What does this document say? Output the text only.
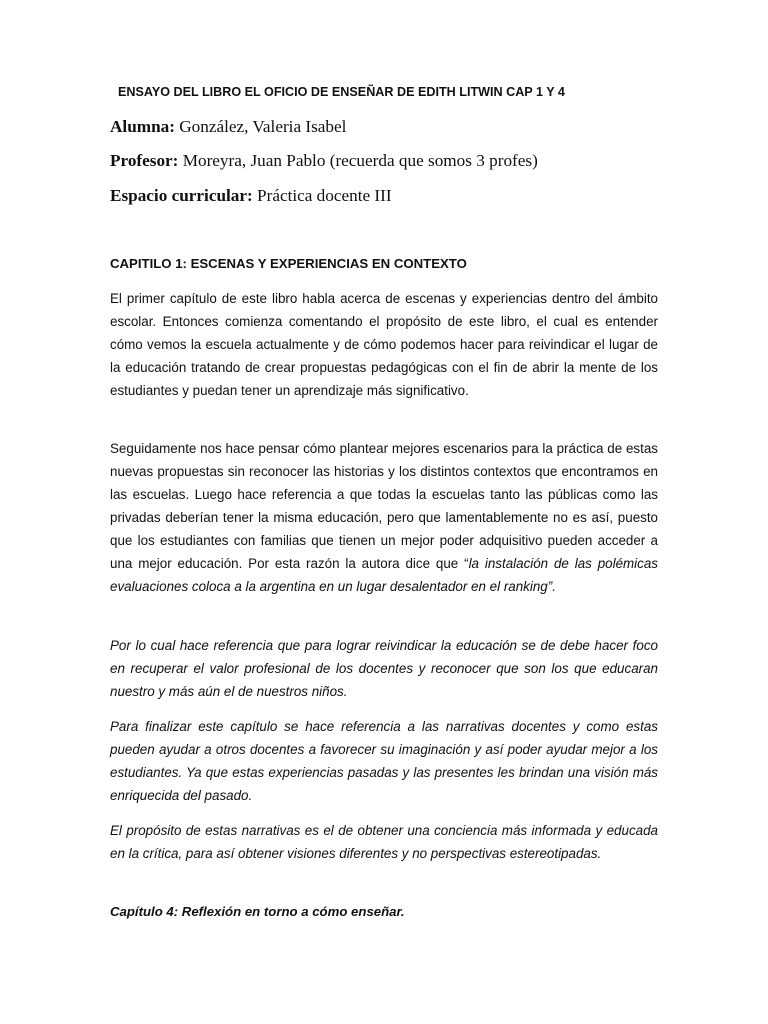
ENSAYO DEL LIBRO EL OFICIO DE ENSEÑAR DE EDITH LITWIN CAP 1 Y 4
Alumna: González, Valeria Isabel
Profesor: Moreyra, Juan Pablo (recuerda que somos 3 profes)
Espacio curricular: Práctica docente III
CAPITILO 1: ESCENAS Y EXPERIENCIAS EN CONTEXTO

El primer capítulo de este libro habla acerca de escenas y experiencias dentro del ámbito escolar. Entonces comienza comentando el propósito de este libro, el cual es entender cómo vemos la escuela actualmente y de cómo podemos hacer para reivindicar el lugar de la educación tratando de crear propuestas pedagógicas con el fin de abrir la mente de los estudiantes y puedan tener un aprendizaje más significativo.

Seguidamente nos hace pensar cómo plantear mejores escenarios para la práctica de estas nuevas propuestas sin reconocer las historias y los distintos contextos que encontramos en las escuelas. Luego hace referencia a que todas la escuelas tanto las públicas como las privadas deberían tener la misma educación, pero que lamentablemente no es así, puesto que los estudiantes con familias que tienen un mejor poder adquisitivo pueden acceder a una mejor educación. Por esta razón la autora dice que “la instalación de las polémicas evaluaciones coloca a la argentina en un lugar desalentador en el ranking”.

Por lo cual hace referencia que para lograr reivindicar la educación se de debe hacer foco en recuperar el valor profesional de los docentes y reconocer que son los que educaran nuestro y más aún el de nuestros niños.

Para finalizar este capítulo se hace referencia a las narrativas docentes y como estas pueden ayudar a otros docentes a favorecer su imaginación y así poder ayudar mejor a los estudiantes. Ya que estas experiencias pasadas y las presentes les brindan una visión más enriquecida del pasado.

El propósito de estas narrativas es el de obtener una conciencia más informada y educada en la crítica, para así obtener visiones diferentes y no perspectivas estereotipadas.

Capítulo 4: Reflexión en torno a cómo enseñar.
